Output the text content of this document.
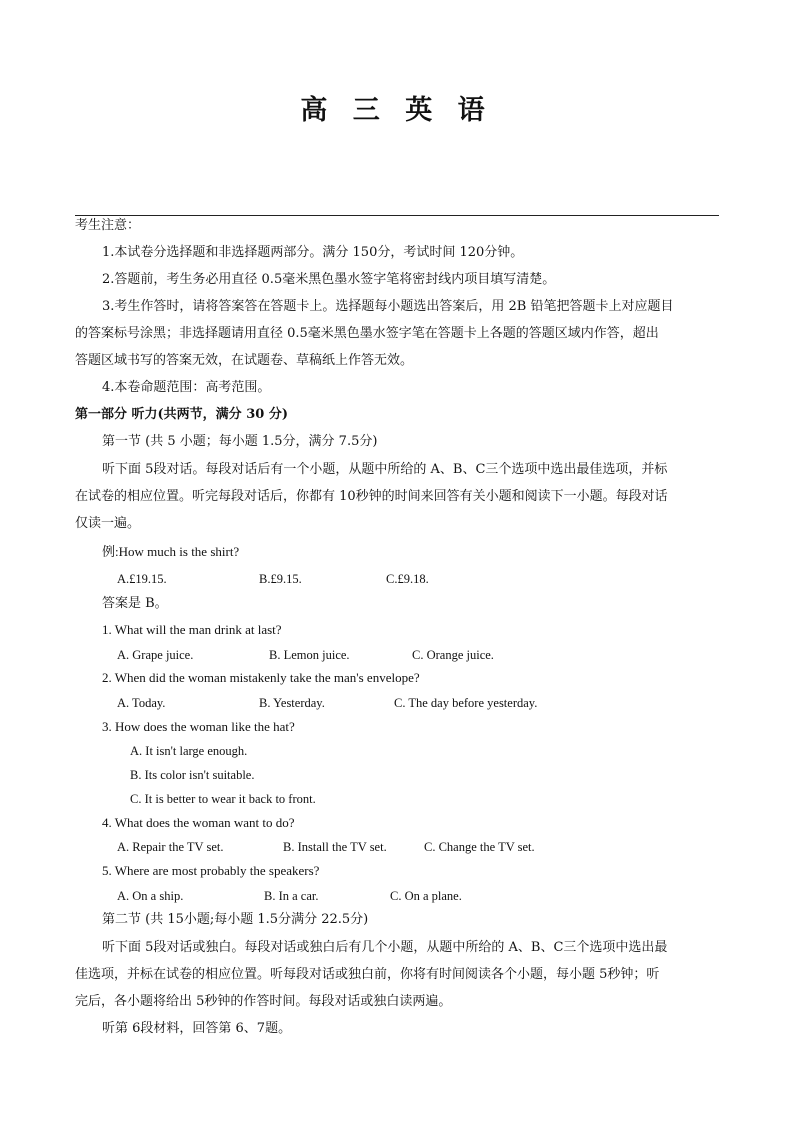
高 三 英 语
考生注意：
1.本试卷分选择题和非选择题两部分。满分 150分，考试时间 120分钟。
2.答题前，考生务必用直径 0.5毫米黑色墨水签字笔将密封线内项目填写清楚。
3.考生作答时，请将答案答在答题卡上。选择题每小题选出答案后，用 2B 铅笔把答题卡上对应题目
的答案标号涂黑；非选择题请用直径 0.5毫米黑色墨水签字笔在答题卡上各题的答题区域内作答，超出
答题区域书写的答案无效，在试题卷、草稿纸上作答无效。
4.本卷命题范围：高考范围。
第一部分 听力(共两节，满分 30 分)
第一节 (共 5 小题；每小题 1.5分，满分 7.5分)
听下面 5段对话。每段对话后有一个小题，从题中所给的 A、B、C三个选项中选出最佳选项，并标
在试卷的相应位置。听完每段对话后，你都有 10秒钟的时间来回答有关小题和阅读下一小题。每段对话
仅读一遍。
例:How much is the shirt?
A.£19.15.	B.£9.15.	C.£9.18.
答案是 B。
1. What will the man drink at last?
A. Grape juice.	B. Lemon juice.	C. Orange juice.
2. When did the woman mistakenly take the man's envelope?
A. Today.	B. Yesterday.	C. The day before yesterday.
3. How does the woman like the hat?
A. It isn't large enough.
B. Its color isn't suitable.
C. It is better to wear it back to front.
4. What does the woman want to do?
A. Repair the TV set.	B. Install the TV set.	C. Change the TV set.
5. Where are most probably the speakers?
A. On a ship.	B. In a car.	C. On a plane.
第二节 (共 15小题;每小题 1.5分满分 22.5分)
听下面 5段对话或独白。每段对话或独白后有几个小题，从题中所给的 A、B、C三个选项中选出最
佳选项，并标在试卷的相应位置。听每段对话或独白前，你将有时间阅读各个小题，每小题 5秒钟；听
完后，各小题将给出 5秒钟的作答时间。每段对话或独白读两遍。
听第 6段材料，回答第 6、7题。
